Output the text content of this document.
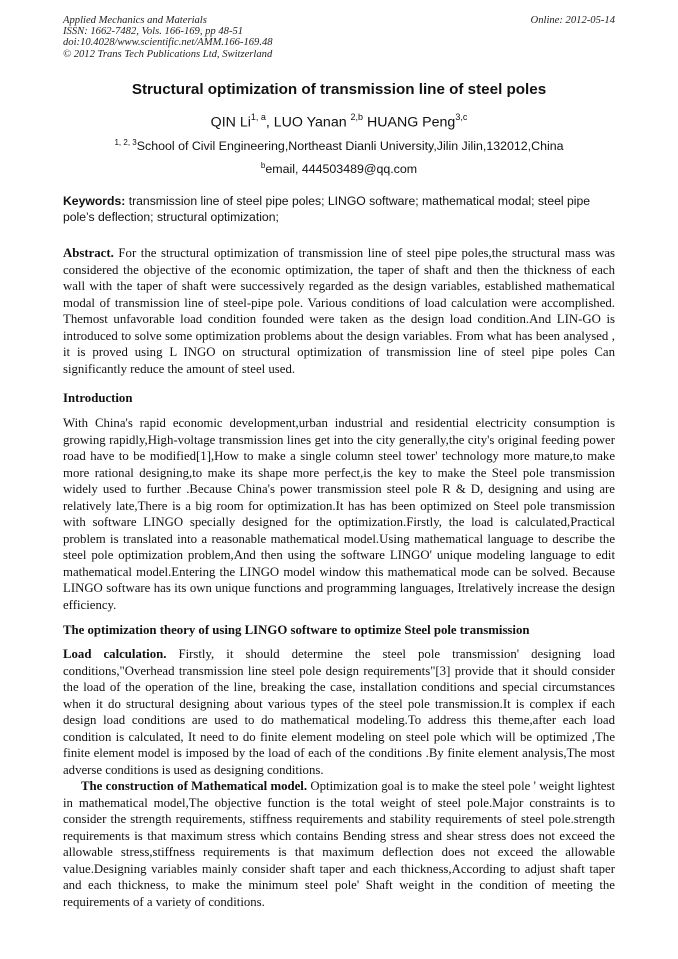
Applied Mechanics and Materials
ISSN: 1662-7482, Vols. 166-169, pp 48-51
doi:10.4028/www.scientific.net/AMM.166-169.48
© 2012 Trans Tech Publications Ltd, Switzerland
Online: 2012-05-14
Structural optimization of transmission line of steel poles
QIN Li$^{1, a}$, LUO Yanan $^{2,b}$ HUANG Peng$^{3,c}$
$^{1, 2, 3}$School of Civil Engineering,Northeast Dianli University,Jilin Jilin,132012,China
$^b$email, 444503489@qq.com
Keywords: transmission line of steel pipe poles; LINGO software; mathematical modal; steel pipe pole’s deflection; structural optimization;
Abstract. For the structural optimization of transmission line of steel pipe poles,the structural mass was considered the objective of the economic optimization, the taper of shaft and then the thickness of each wall with the taper of shaft were successively regarded as the design variables, established mathematical modal of transmission line of steel-pipe pole. Various conditions of load calculation were accomplished. Themost unfavorable load condition founded were taken as the design load condition.And LIN-GO is introduced to solve some optimization problems about the design variables. From what has been analysed , it is proved using L INGO on structural optimization of transmission line of steel pipe poles Can significantly reduce the amount of steel used.
Introduction
With China's rapid economic development,urban industrial and residential electricity consumption is growing rapidly,High-voltage transmission lines get into the city generally,the city's original feeding power road have to be modified[1],How to make a single column steel tower' technology more mature,to make more rational designing,to make its shape more perfect,is the key to make the Steel pole transmission widely used to further .Because China's power transmission steel pole R & D, designing and using are relatively late,There is a big room for optimization.It has has been optimized on Steel pole transmission with software LINGO specially designed for the optimization.Firstly, the load is calculated,Practical problem is translated into a reasonable mathematical model.Using mathematical language to describe the steel pole optimization problem,And then using the software LINGO' unique modeling language to edit mathematical model.Entering the LINGO model window this mathematical mode can be solved. Because LINGO software has its own unique functions and programming languages, Itrelatively increase the design efficiency.
The optimization theory of using LINGO software to optimize Steel pole transmission
Load calculation. Firstly, it should determine the steel pole transmission' designing load conditions,"Overhead transmission line steel pole design requirements"[3] provide that it should consider the load of the operation of the line, breaking the case, installation conditions and special circumstances when it do structural designing about various types of the steel pole transmission.It is complex if each design load conditions are used to do mathematical modeling.To address this theme,after each load condition is calculated, It need to do finite element modeling on steel pole which will be optimized ,The finite element model is imposed by the load of each of the conditions .By finite element analysis,The most adverse conditions is used as designing conditions.
The construction of Mathematical model. Optimization goal is to make the steel pole ' weight lightest in mathematical model,The objective function is the total weight of steel pole.Major constraints is to consider the strength requirements, stiffness requirements and stability requirements of steel pole.strength requirements is that maximum stress which contains Bending stress and shear stress does not exceed the allowable stress,stiffness requirements is that maximum deflection does not exceed the allowable value.Designing variables mainly consider shaft taper and each thickness,According to adjust shaft taper and each thickness, to make the minimum steel pole' Shaft weight in the condition of meeting the requirements of a variety of conditions.
